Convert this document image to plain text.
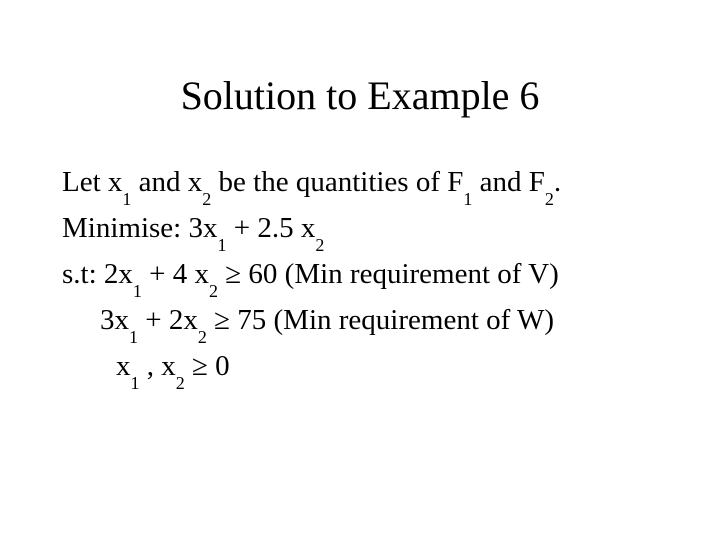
Solution to Example 6
Let $x_1$ and $x_2$ be the quantities of $F_1$ and $F_2$.
Minimise: $3x_1 + 2.5$ $x_2$
s.t: $2x_1 + 4$ $x_2 \ge 60$ (Min requirement of V)
$3x_1 + 2x_2 \ge 75$ (Min requirement of W)
$x_1$ , $x_2 \ge 0$
